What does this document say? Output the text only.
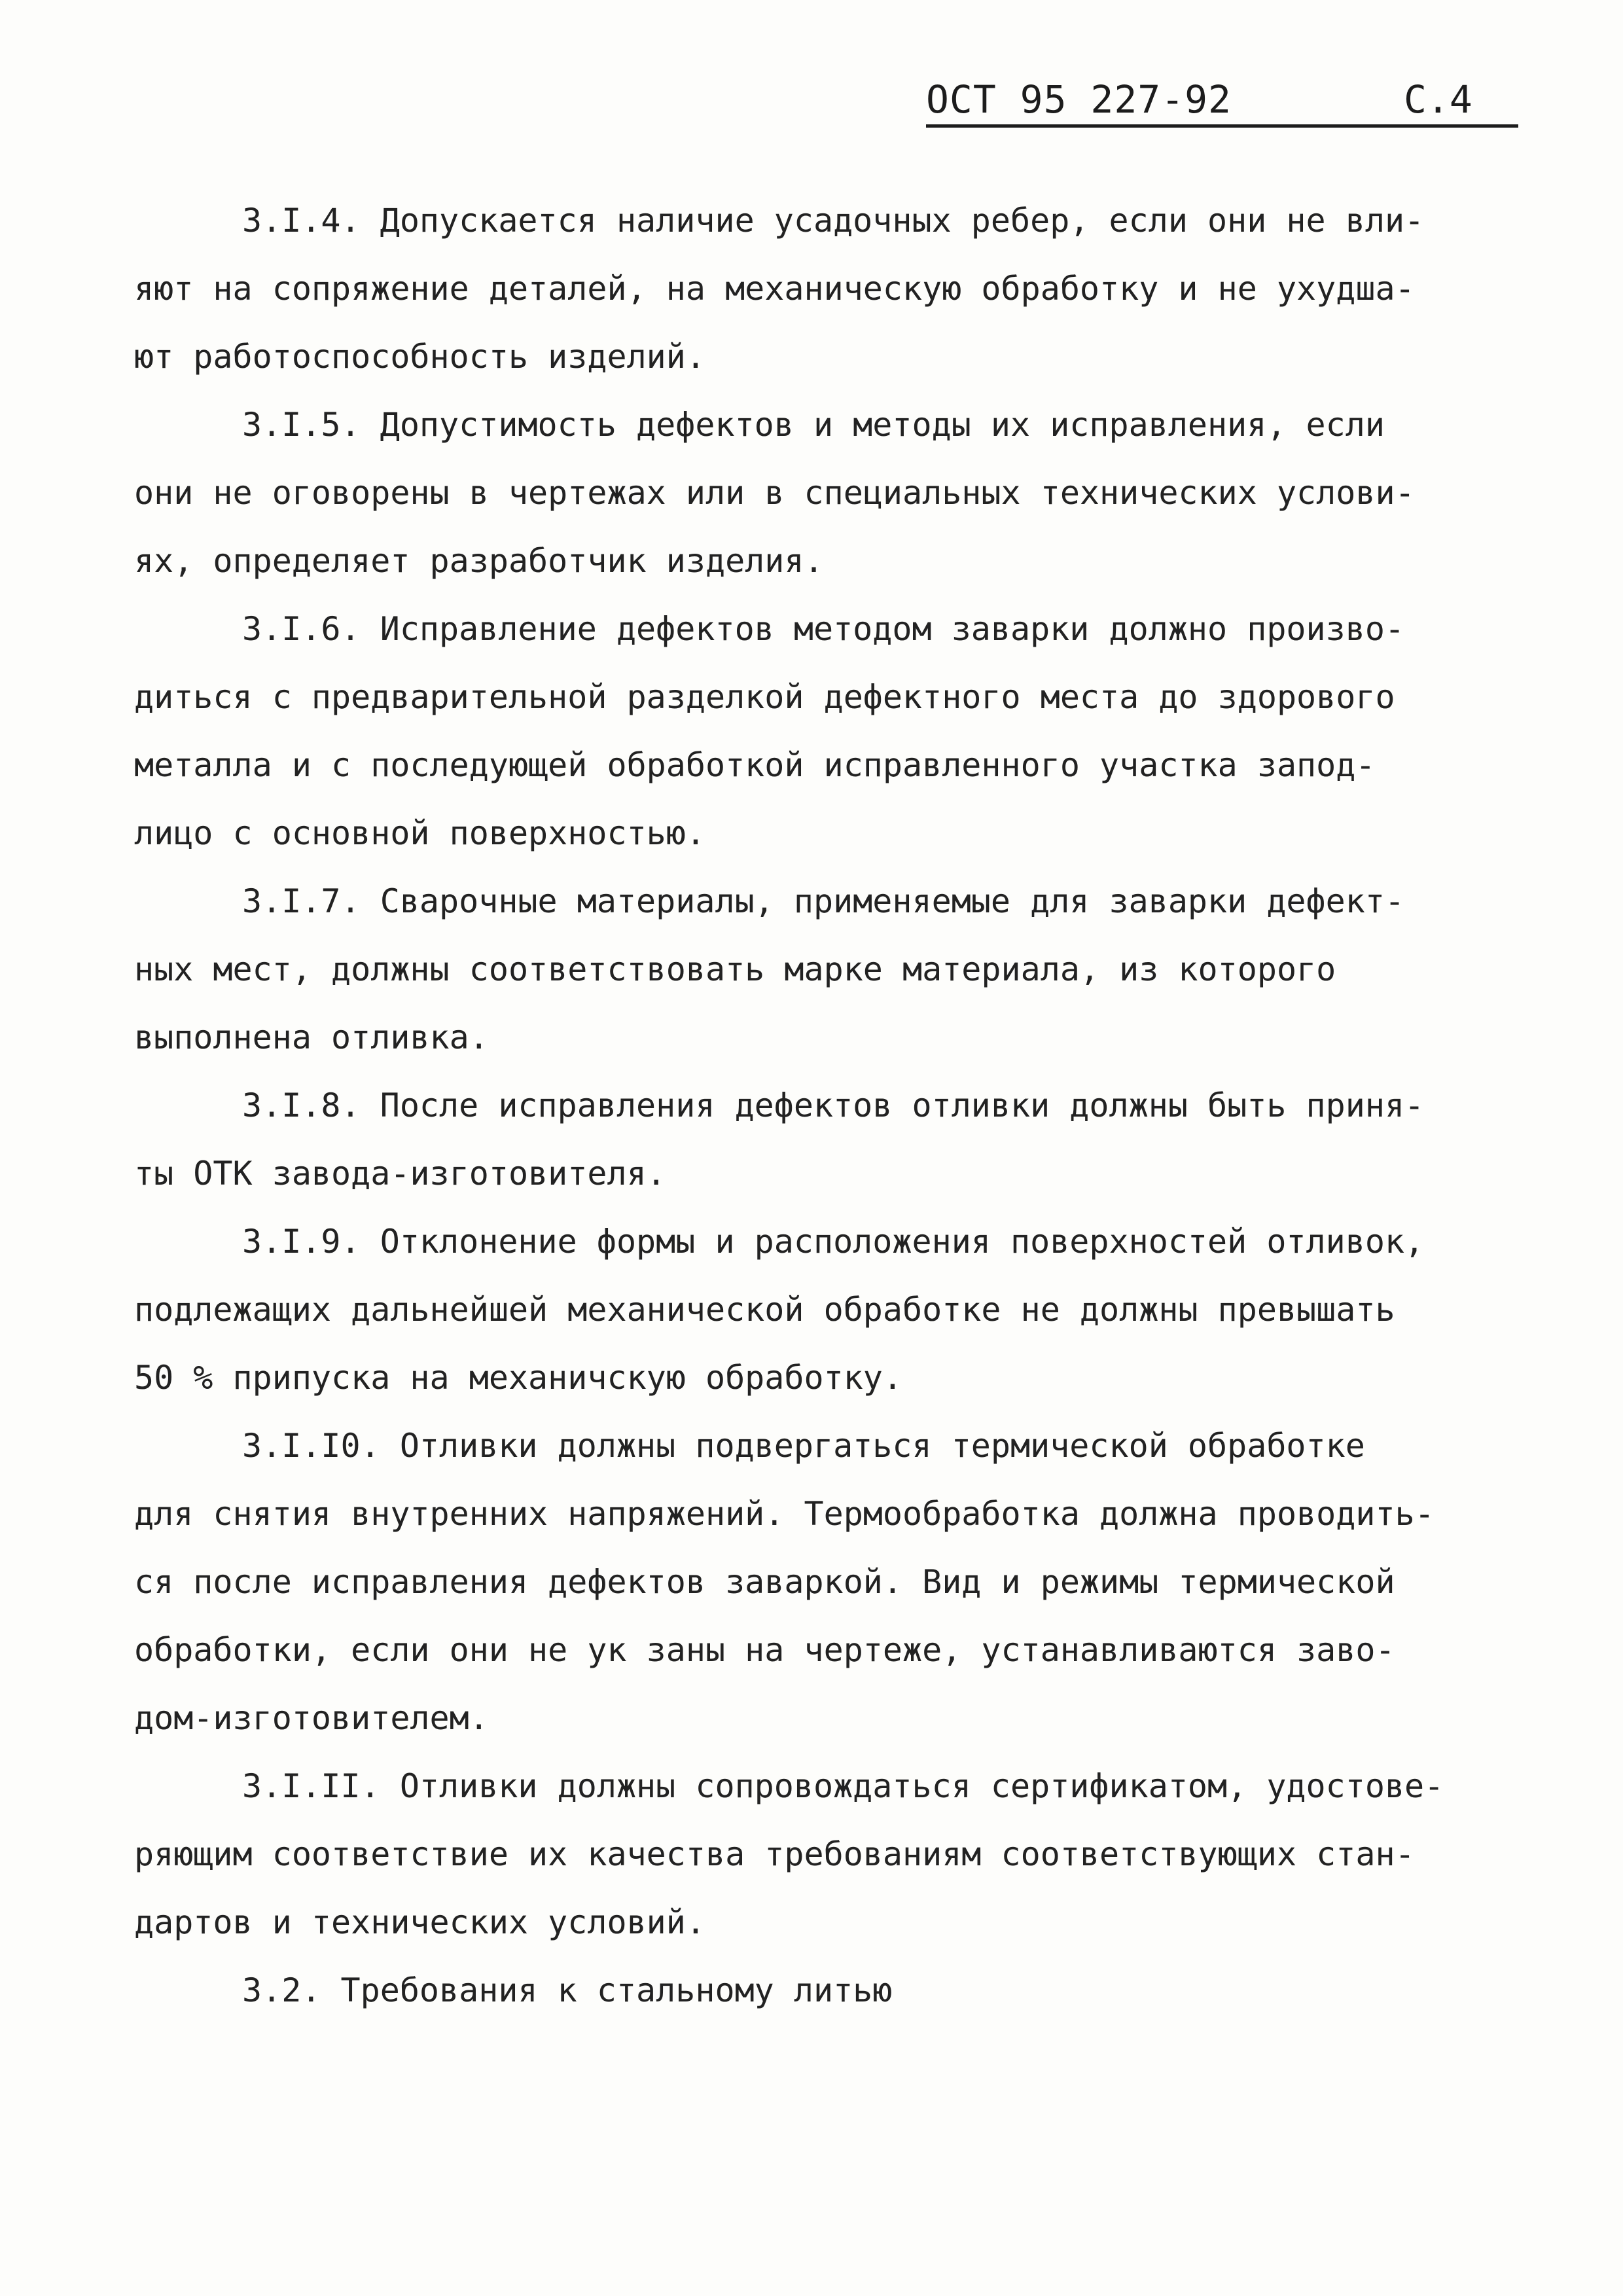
ОСТ 95 227-92	С.4
3.I.4. Допускается наличие усадочных ребер, если они не вли-
яют на сопряжение деталей, на механическую обработку и не ухудша-
ют работоспособность изделий.
3.I.5. Допустимость дефектов и методы их исправления, если
они не оговорены в чертежах или в специальных технических услови-
ях, определяет разработчик изделия.
3.I.6. Исправление дефектов методом заварки должно произво-
диться с предварительной разделкой дефектного места до здорового
металла и с последующей обработкой исправленного участка запод-
лицо с основной поверхностью.
3.I.7. Сварочные материалы, применяемые для заварки дефект-
ных мест, должны соответствовать марке материала, из которого
выполнена отливка.
3.I.8. После исправления дефектов отливки должны быть приня-
ты ОТК завода-изготовителя.
3.I.9. Отклонение формы и расположения поверхностей отливок,
подлежащих дальнейшей механической обработке не должны превышать
50 % припуска на механичскую обработку.
3.I.I0. Отливки должны подвергаться термической обработке
для снятия внутренних напряжений. Термообработка должна проводить-
ся после исправления дефектов заваркой. Вид и режимы термической
обработки, если они не ук заны на чертеже, устанавливаются заво-
дом-изготовителем.
3.I.II. Отливки должны сопровождаться сертификатом, удостове-
ряющим соответствие их качества требованиям соответствующих стан-
дартов и технических условий.
3.2. Требования к стальному литью
